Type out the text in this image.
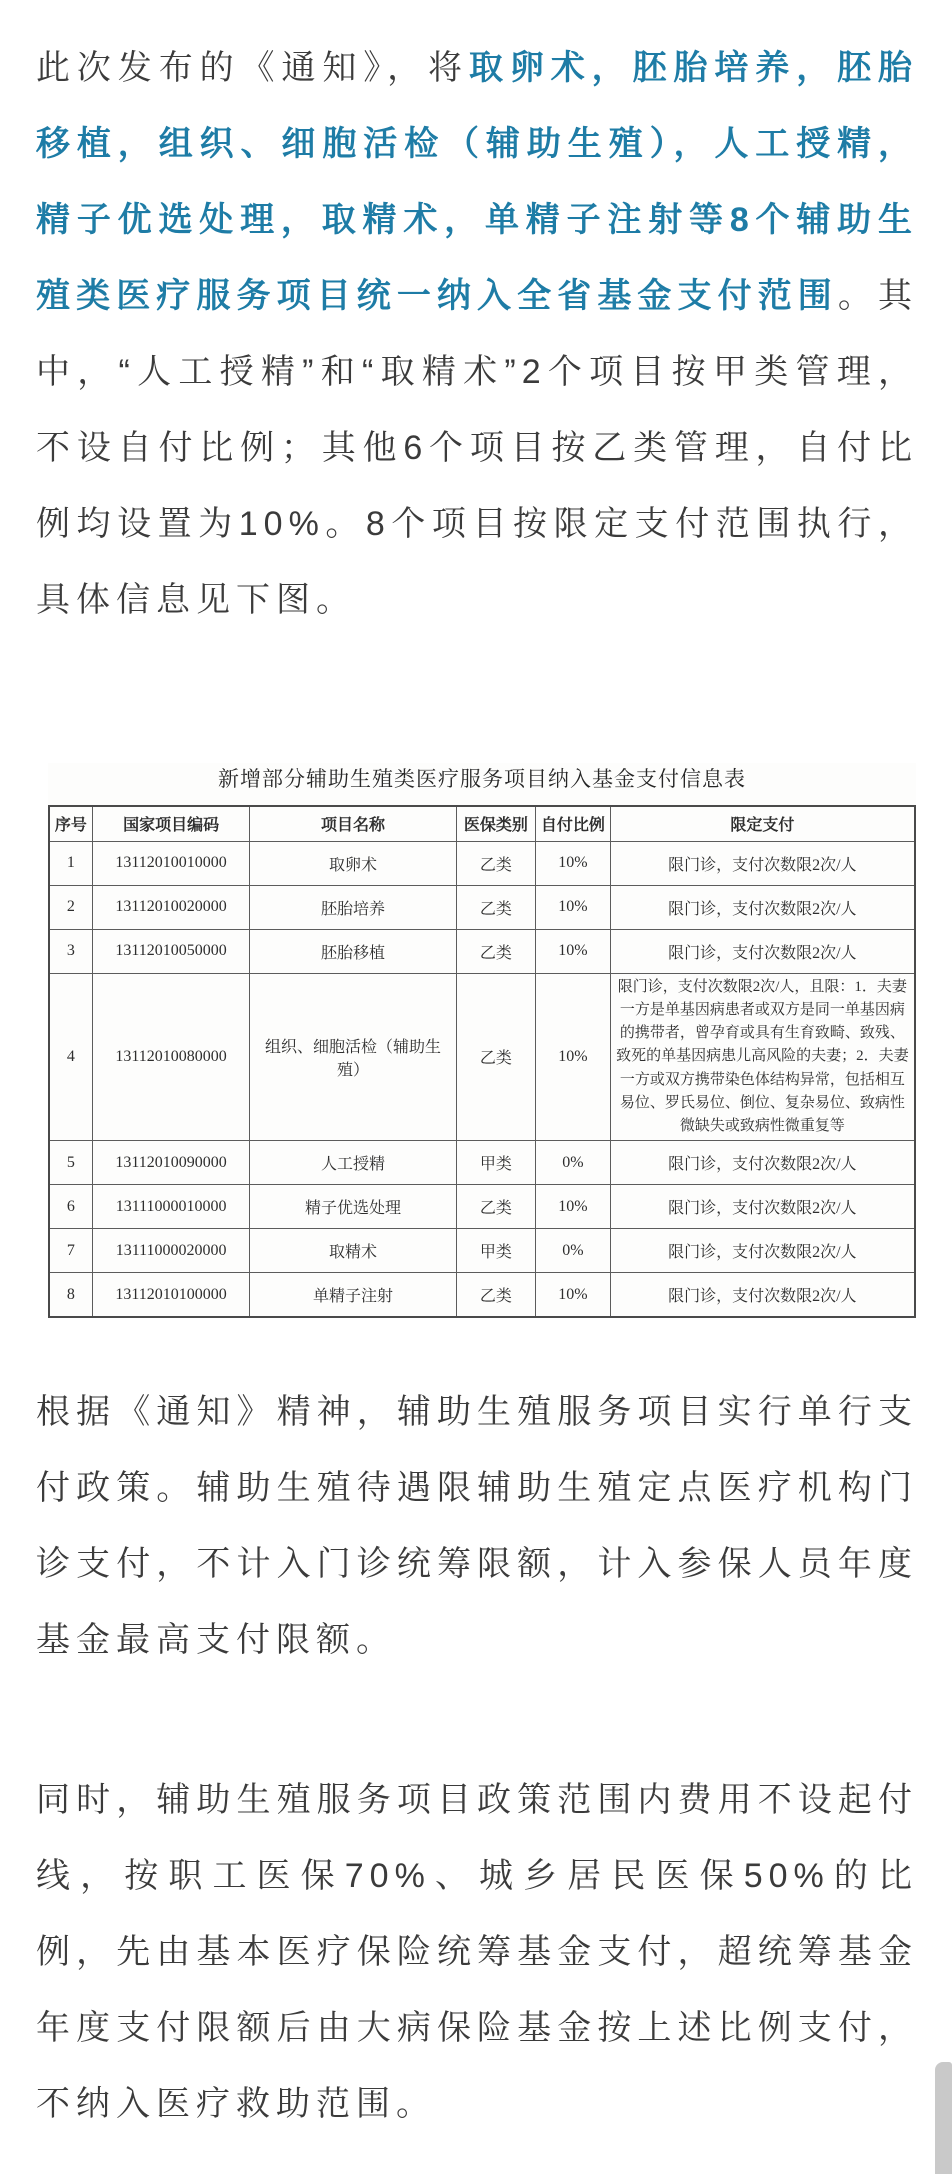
此次发布的《通知》，将取卵术，胚胎培养，胚胎移植，组织、细胞活检（辅助生殖），人工授精，精子优选处理，取精术，单精子注射等8个辅助生殖类医疗服务项目统一纳入全省基金支付范围。其中，“人工授精”和“取精术”2个项目按甲类管理，不设自付比例；其他6个项目按乙类管理，自付比例均设置为10%。8个项目按限定支付范围执行，具体信息见下图。

新增部分辅助生殖类医疗服务项目纳入基金支付信息表
序号	国家项目编码	项目名称	医保类别	自付比例	限定支付
1	13112010010000	取卵术	乙类	10%	限门诊，支付次数限2次/人
2	13112010020000	胚胎培养	乙类	10%	限门诊，支付次数限2次/人
3	13112010050000	胚胎移植	乙类	10%	限门诊，支付次数限2次/人
4	13112010080000	组织、细胞活检（辅助生殖）	乙类	10%	限门诊，支付次数限2次/人，且限：1．夫妻一方是单基因病患者或双方是同一单基因病的携带者，曾孕育或具有生育致畸、致残、致死的单基因病患儿高风险的夫妻；2．夫妻一方或双方携带染色体结构异常，包括相互易位、罗氏易位、倒位、复杂易位、致病性微缺失或致病性微重复等
5	13112010090000	人工授精	甲类	0%	限门诊，支付次数限2次/人
6	13111000010000	精子优选处理	乙类	10%	限门诊，支付次数限2次/人
7	13111000020000	取精术	甲类	0%	限门诊，支付次数限2次/人
8	13112010100000	单精子注射	乙类	10%	限门诊，支付次数限2次/人

根据《通知》精神，辅助生殖服务项目实行单行支付政策。辅助生殖待遇限辅助生殖定点医疗机构门诊支付，不计入门诊统筹限额，计入参保人员年度基金最高支付限额。

同时，辅助生殖服务项目政策范围内费用不设起付线，按职工医保70%、城乡居民医保50%的比例，先由基本医疗保险统筹基金支付，超统筹基金年度支付限额后由大病保险基金按上述比例支付，不纳入医疗救助范围。
